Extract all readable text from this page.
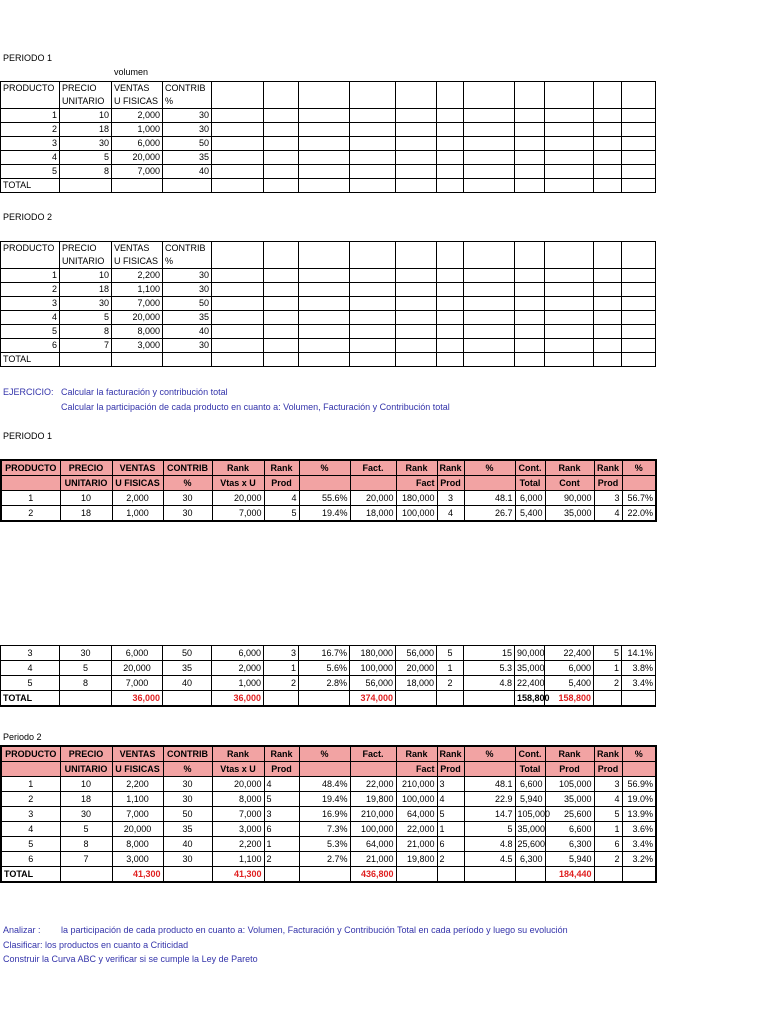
PERIODO 1
volumen
PRODUCTO	PRECIO	VENTAS	CONTRIB											
	UNITARIO	U FISICAS	%											
1	10	2,000	30											
2	18	1,000	30											
3	30	6,000	50											
4	5	20,000	35											
5	8	7,000	40											
TOTAL														
PERIODO 2
PRODUCTO	PRECIO	VENTAS	CONTRIB											
	UNITARIO	U FISICAS	%											
1	10	2,200	30											
2	18	1,100	30											
3	30	7,000	50											
4	5	20,000	35											
5	8	8,000	40											
6	7	3,000	30											
TOTAL														
EJERCICIO: Calcular la facturación y contribución total
Calcular la participación de cada producto en cuanto a: Volumen, Facturación y Contribución total
PERIODO 1
PRODUCTO	PRECIO	VENTAS	CONTRIB	Rank	Rank	%	Fact.	Rank	Rank	%	Cont.	Rank	Rank	%
	UNITARIO	U FISICAS	%	Vtas x U	Prod			Fact	Prod		Total	Cont	Prod	
1	10	2,000	30	20,000	4	55.6%	20,000	180,000	3	48.1	6,000	90,000	3	56.7%
2	18	1,000	30	7,000	5	19.4%	18,000	100,000	4	26.7	5,400	35,000	4	22.0%
3	30	6,000	50	6,000	3	16.7%	180,000	56,000	5	15	90,000	22,400	5	14.1%
4	5	20,000	35	2,000	1	5.6%	100,000	20,000	1	5.3	35,000	6,000	1	3.8%
5	8	7,000	40	1,000	2	2.8%	56,000	18,000	2	4.8	22,400	5,400	2	3.4%
TOTAL		36,000		36,000			374,000				158,800	158,800		
Periodo 2
PRODUCTO	PRECIO	VENTAS	CONTRIB	Rank	Rank	%	Fact.	Rank	Rank	%	Cont.	Rank	Rank	%
	UNITARIO	U FISICAS	%	Vtas x U	Prod			Fact	Prod		Total	Prod	Prod	
1	10	2,200	30	20,000	4	48.4%	22,000	210,000	3	48.1	6,600	105,000	3	56.9%
2	18	1,100	30	8,000	5	19.4%	19,800	100,000	4	22.9	5,940	35,000	4	19.0%
3	30	7,000	50	7,000	3	16.9%	210,000	64,000	5	14.7	105,000	25,600	5	13.9%
4	5	20,000	35	3,000	6	7.3%	100,000	22,000	1	5	35,000	6,600	1	3.6%
5	8	8,000	40	2,200	1	5.3%	64,000	21,000	6	4.8	25,600	6,300	6	3.4%
6	7	3,000	30	1,100	2	2.7%	21,000	19,800	2	4.5	6,300	5,940	2	3.2%
TOTAL		41,300		41,300			436,800					184,440		
Analizar : la participación de cada producto en cuanto a: Volumen, Facturación y Contribución Total en cada período y luego su evolución
Clasificar: los productos en cuanto a Criticidad
Construir la Curva ABC y verificar si se cumple la Ley de Pareto
